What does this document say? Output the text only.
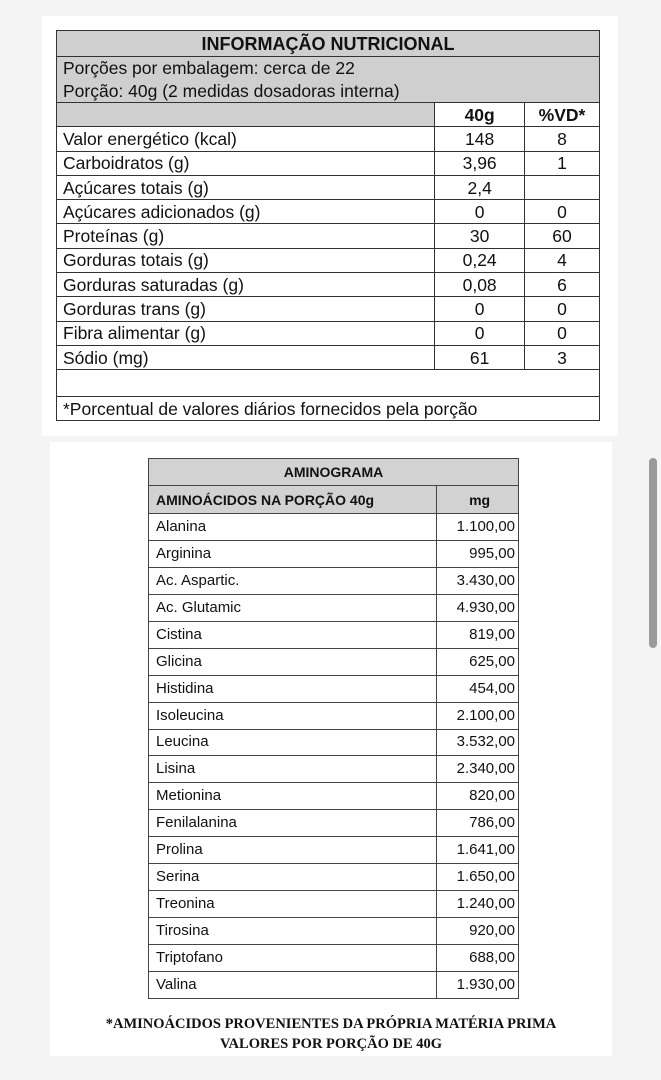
INFORMAÇÃO NUTRICIONAL		
Porções por embalagem: cerca de 22		
Porção: 40g (2 medidas dosadoras interna)		
	40g	%VD*
Valor energético (kcal)	148	8
Carboidratos (g)	3,96	1
Açúcares totais (g)	2,4	
Açúcares adicionados (g)	0	0
Proteínas (g)	30	60
Gorduras totais (g)	0,24	4
Gorduras saturadas (g)	0,08	6
Gorduras trans (g)	0	0
Fibra alimentar (g)	0	0
Sódio (mg)	61	3

*Porcentual de valores diários fornecidos pela porção		
AMINOGRAMA	
AMINOÁCIDOS NA PORÇÃO 40g	mg
Alanina	1.100,00
Arginina	995,00
Ac. Aspartic.	3.430,00
Ac. Glutamic	4.930,00
Cistina	819,00
Glicina	625,00
Histidina	454,00
Isoleucina	2.100,00
Leucina	3.532,00
Lisina	2.340,00
Metionina	820,00
Fenilalanina	786,00
Prolina	1.641,00
Serina	1.650,00
Treonina	1.240,00
Tirosina	920,00
Triptofano	688,00
Valina	1.930,00
*AMINOÁCIDOS PROVENIENTES DA PRÓPRIA MATÉRIA PRIMA
VALORES POR PORÇÃO DE 40G
